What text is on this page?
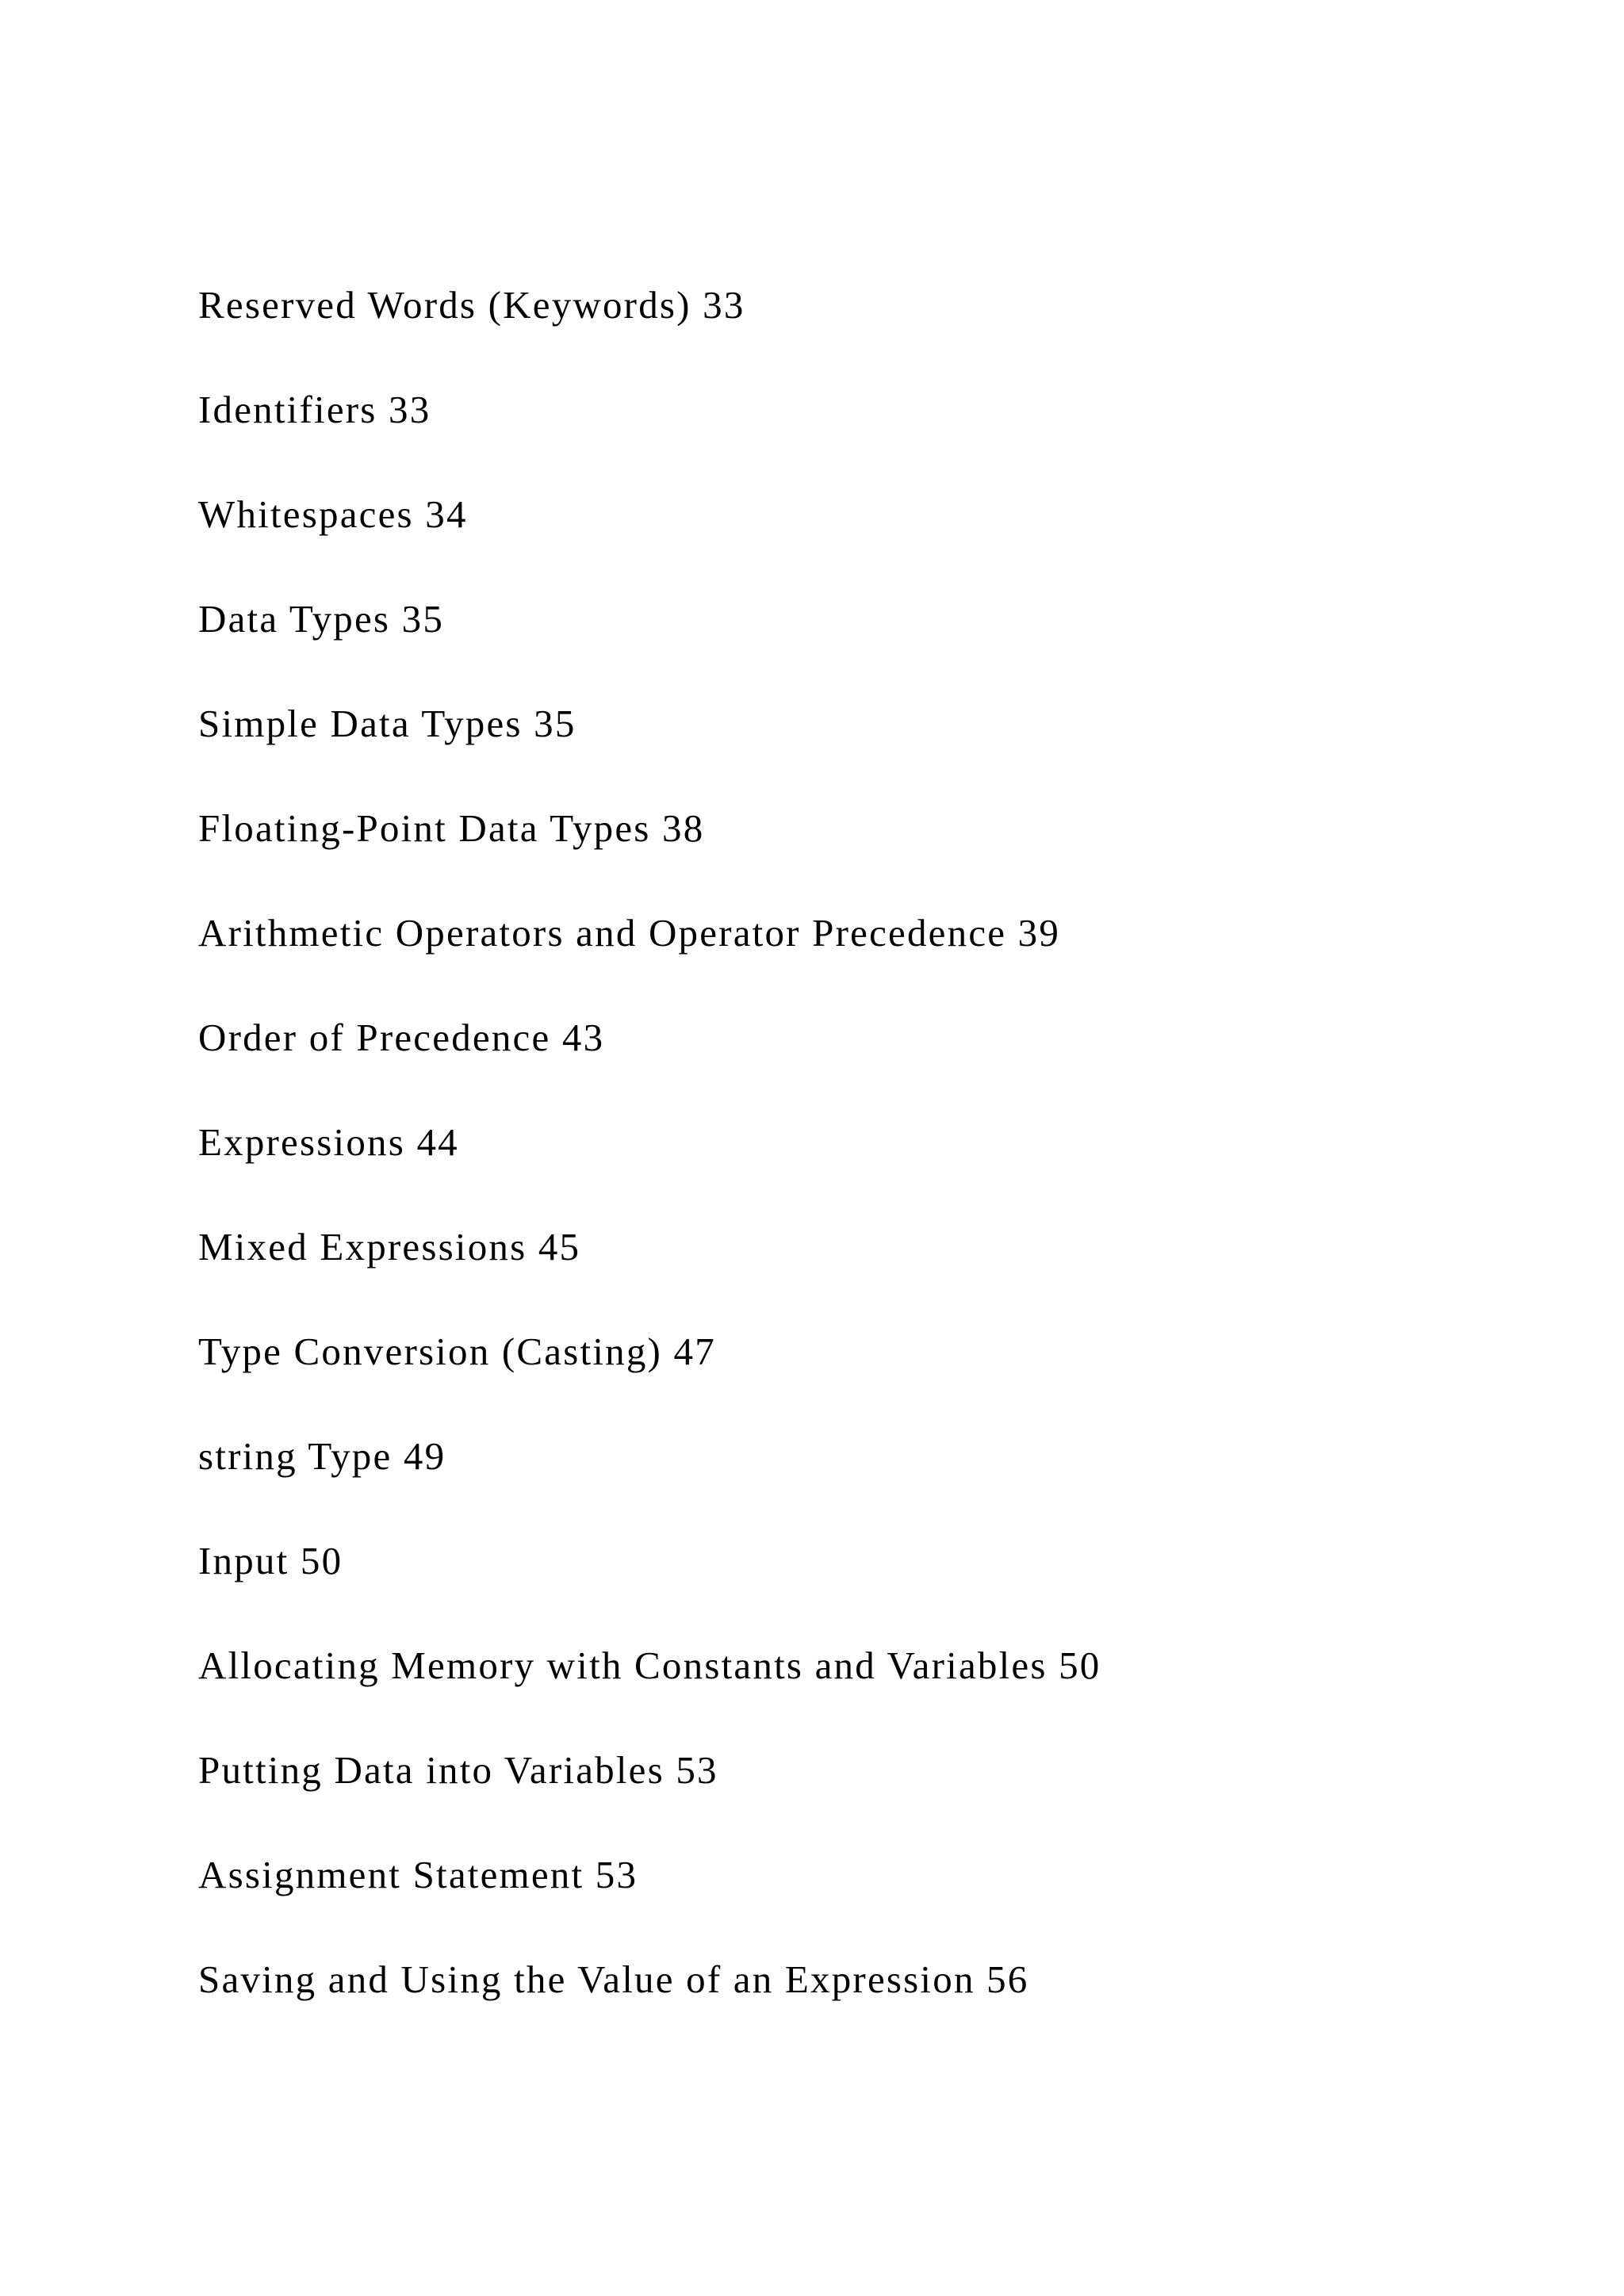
Reserved Words (Keywords) 33
Identifiers 33
Whitespaces 34
Data Types 35
Simple Data Types 35
Floating-Point Data Types 38
Arithmetic Operators and Operator Precedence 39
Order of Precedence 43
Expressions 44
Mixed Expressions 45
Type Conversion (Casting) 47
string Type 49
Input 50
Allocating Memory with Constants and Variables 50
Putting Data into Variables 53
Assignment Statement 53
Saving and Using the Value of an Expression 56
